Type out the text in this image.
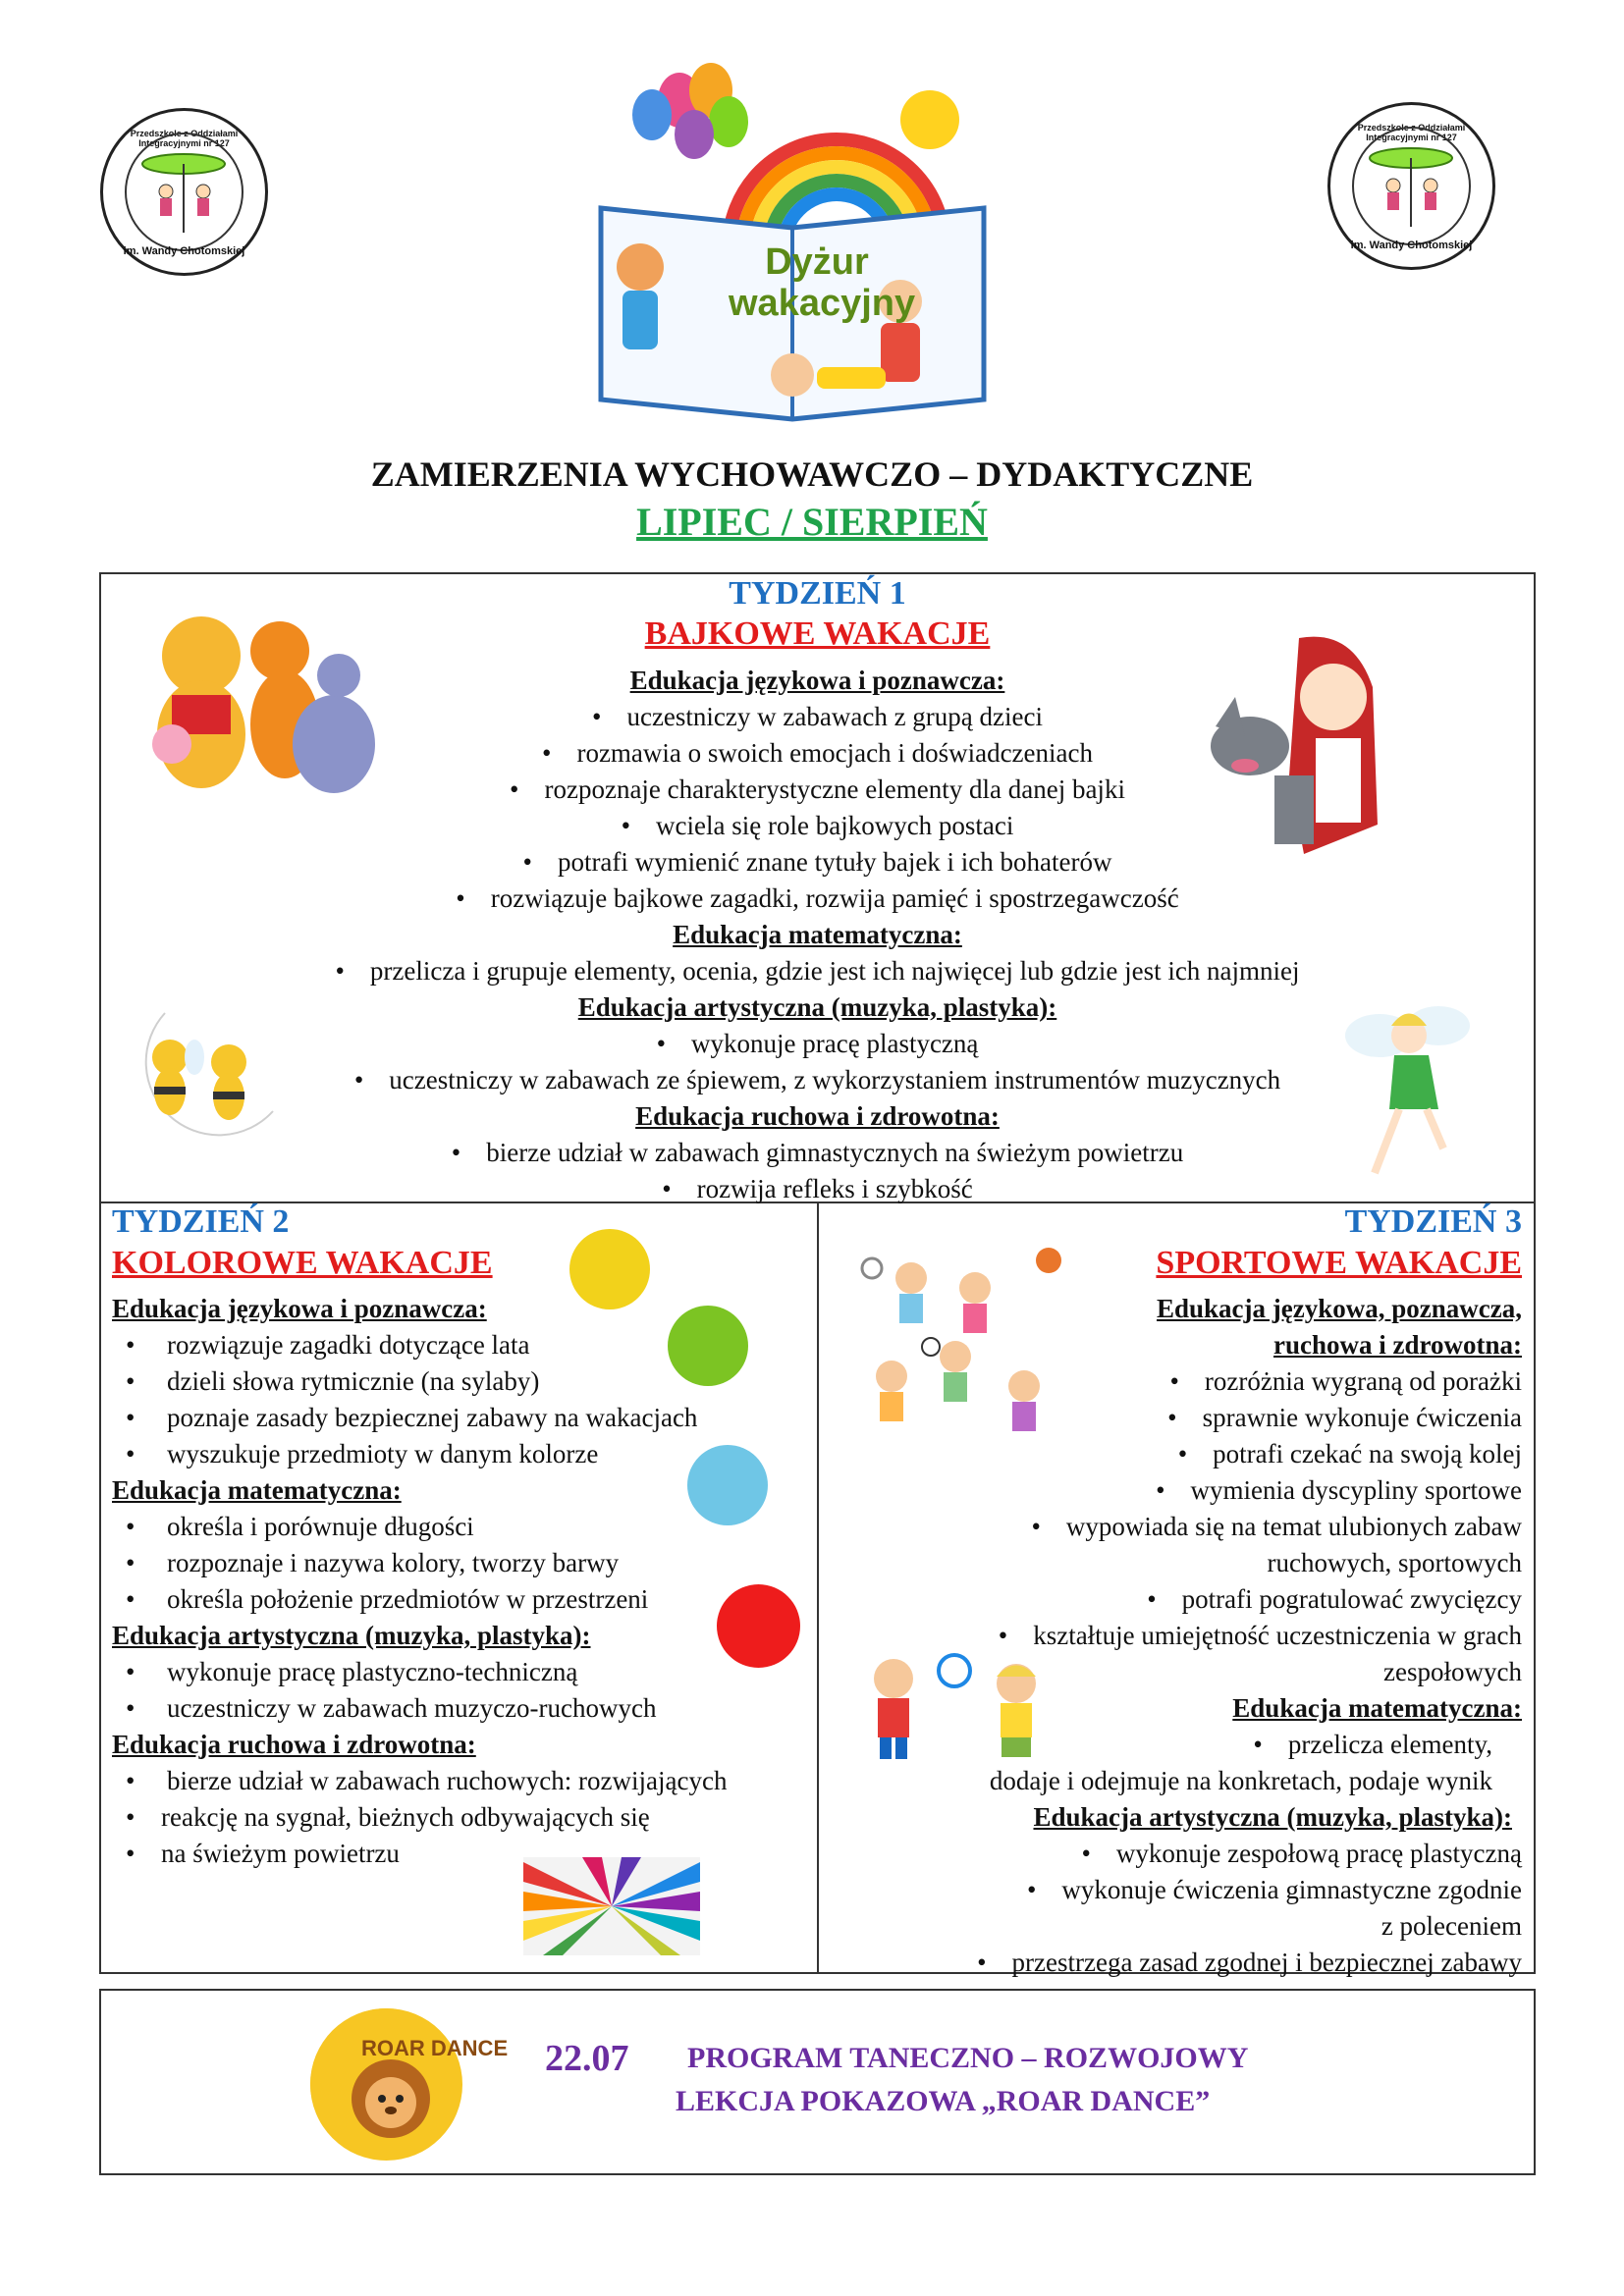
Przedszkole z Oddziałami Integracyjnymi nr 127
im. Wandy Chotomskiej
Przedszkole z Oddziałami Integracyjnymi nr 127
im. Wandy Chotomskiej
Dyżur wakacyjny
ZAMIERZENIA WYCHOWAWCZO – DYDAKTYCZNE
LIPIEC / SIERPIEŃ
TYDZIEŃ 1
BAJKOWE WAKACJE
Edukacja językowa i poznawcza:
• uczestniczy w zabawach z grupą dzieci
• rozmawia o swoich emocjach i doświadczeniach
• rozpoznaje charakterystyczne elementy dla danej bajki
• wciela się role bajkowych postaci
• potrafi wymienić znane tytuły bajek i ich bohaterów
• rozwiązuje bajkowe zagadki, rozwija pamięć i spostrzegawczość
Edukacja matematyczna:
• przelicza i grupuje elementy, ocenia, gdzie jest ich najwięcej lub gdzie jest ich najmniej
Edukacja artystyczna (muzyka, plastyka):
• wykonuje pracę plastyczną
• uczestniczy w zabawach ze śpiewem, z wykorzystaniem instrumentów muzycznych
Edukacja ruchowa i zdrowotna:
• bierze udział w zabawach gimnastycznych na świeżym powietrzu
• rozwija refleks i szybkość
TYDZIEŃ 2
KOLOROWE WAKACJE
Edukacja językowa i poznawcza:
• rozwiązuje zagadki dotyczące lata
• dzieli słowa rytmicznie (na sylaby)
• poznaje zasady bezpiecznej zabawy na wakacjach
• wyszukuje przedmioty w danym kolorze
Edukacja matematyczna:
• określa i porównuje długości
• rozpoznaje i nazywa kolory, tworzy barwy
• określa położenie przedmiotów w przestrzeni
Edukacja artystyczna (muzyka, plastyka):
• wykonuje pracę plastyczno-techniczną
• uczestniczy w zabawach muzyczo-ruchowych
Edukacja ruchowa i zdrowotna:
• bierze udział w zabawach ruchowych: rozwijających
• reakcję na sygnał, bieżnych odbywających się
• na świeżym powietrzu
TYDZIEŃ 3
SPORTOWE WAKACJE
Edukacja językowa, poznawcza,
ruchowa i zdrowotna:
• rozróżnia wygraną od porażki
• sprawnie wykonuje ćwiczenia
• potrafi czekać na swoją kolej
• wymienia dyscypliny sportowe
• wypowiada się na temat ulubionych zabaw
ruchowych, sportowych
• potrafi pogratulować zwycięzcy
• kształtuje umiejętność uczestniczenia w grach
zespołowych
Edukacja matematyczna:
• przelicza elementy,
dodaje i odejmuje na konkretach, podaje wynik
Edukacja artystyczna (muzyka, plastyka):
• wykonuje zespołową pracę plastyczną
• wykonuje ćwiczenia gimnastyczne zgodnie
z poleceniem
• przestrzega zasad zgodnej i bezpiecznej zabawy
ROAR DANCE 22.07 PROGRAM TANECZNO – ROZWOJOWY
LEKCJA POKAZOWA „ROAR DANCE”
